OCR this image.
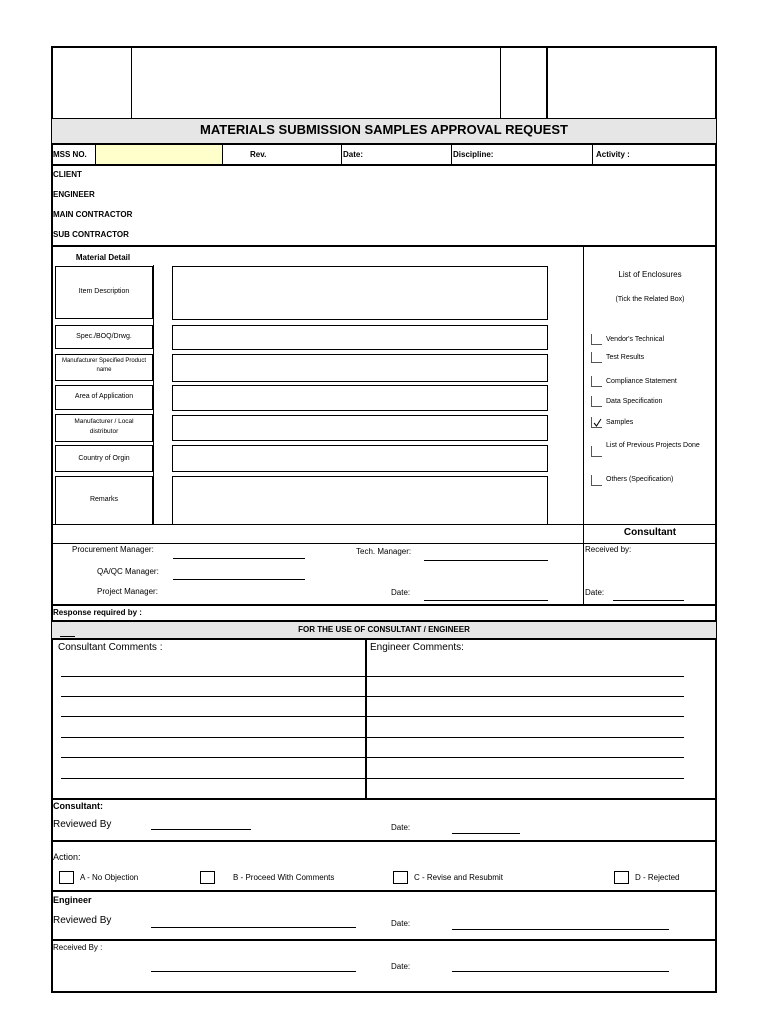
MATERIALS SUBMISSION SAMPLES APPROVAL REQUEST
MSS NO.	Rev.	Date:	Discipline:	Activity :
CLIENT
ENGINEER
MAIN CONTRACTOR
SUB CONTRACTOR
Material Detail
Item Description
Spec./BOQ/Drwg.
Manufacturer Specified Product name
Area of Application
Manufacturer / Local distributor
Country of Orgin
Remarks
List of Enclosures
(Tick the Related Box)
Vendor's Technical
Test Results
Compliance Statement
Data Specification
Samples
List of Previous Projects Done
Others (Specification)
Consultant
Procurement Manager:	Tech. Manager:	Received by:
QA/QC Manager:
Project Manager:	Date:	Date:
Response required by :
FOR THE USE OF CONSULTANT / ENGINEER
Consultant Comments :	Engineer Comments:
Consultant:
Reviewed By	Date:
Action:
A - No Objection	B - Proceed With Comments	C - Revise and Resubmit	D - Rejected
Engineer
Reviewed By	Date:
Received By :
Date:
